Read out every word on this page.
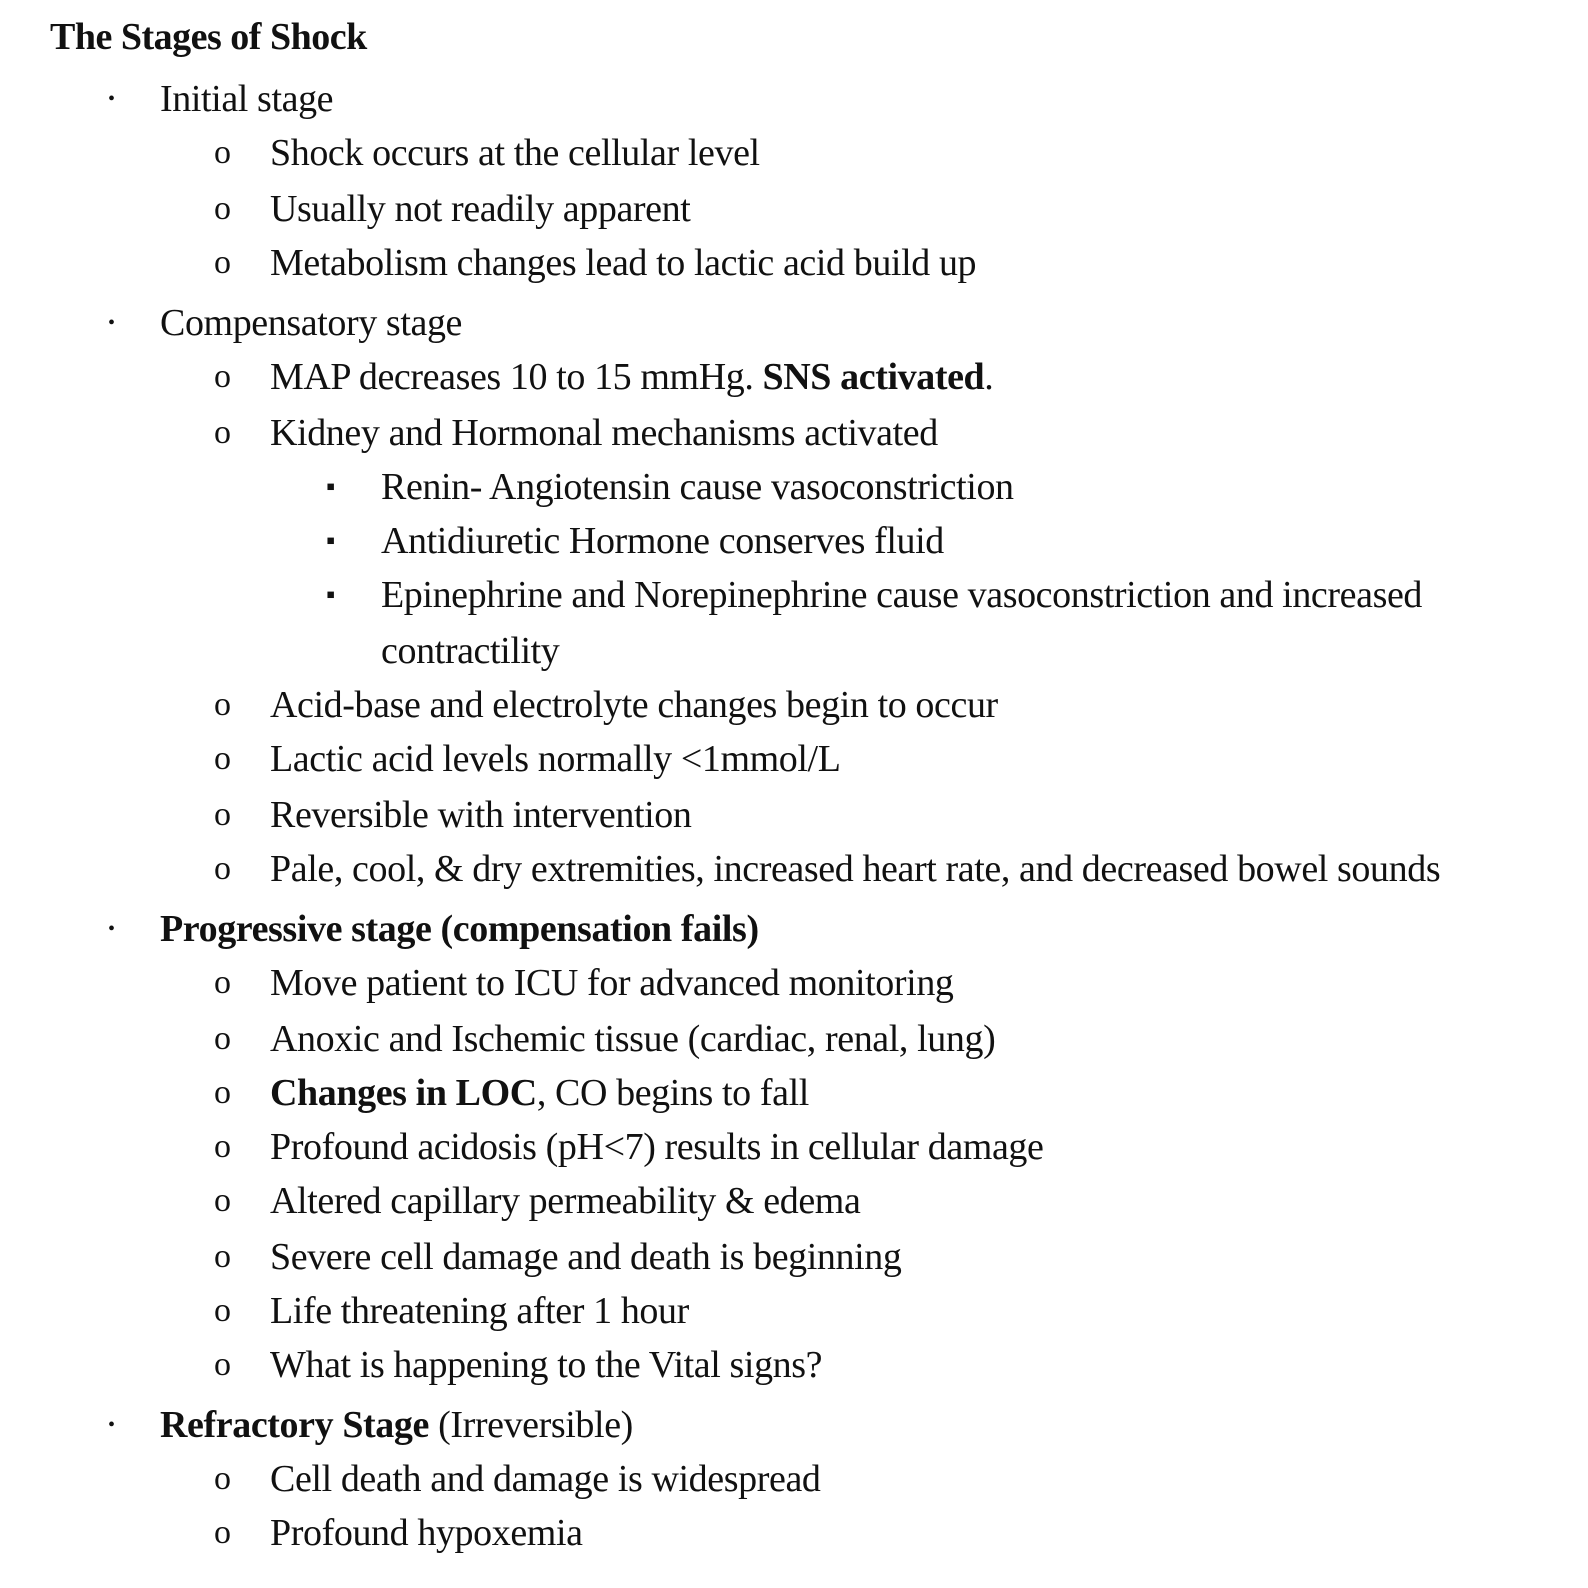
The Stages of Shock
• Initial stage
o Shock occurs at the cellular level
o Usually not readily apparent
o Metabolism changes lead to lactic acid build up
• Compensatory stage
o MAP decreases 10 to 15 mmHg. SNS activated.
o Kidney and Hormonal mechanisms activated
▪ Renin- Angiotensin cause vasoconstriction
▪ Antidiuretic Hormone conserves fluid
▪ Epinephrine and Norepinephrine cause vasoconstriction and increased
contractility
o Acid-base and electrolyte changes begin to occur
o Lactic acid levels normally <1mmol/L
o Reversible with intervention
o Pale, cool, & dry extremities, increased heart rate, and decreased bowel sounds
• Progressive stage (compensation fails)
o Move patient to ICU for advanced monitoring
o Anoxic and Ischemic tissue (cardiac, renal, lung)
o Changes in LOC, CO begins to fall
o Profound acidosis (pH<7) results in cellular damage
o Altered capillary permeability & edema
o Severe cell damage and death is beginning
o Life threatening after 1 hour
o What is happening to the Vital signs?
• Refractory Stage (Irreversible)
o Cell death and damage is widespread
o Profound hypoxemia
